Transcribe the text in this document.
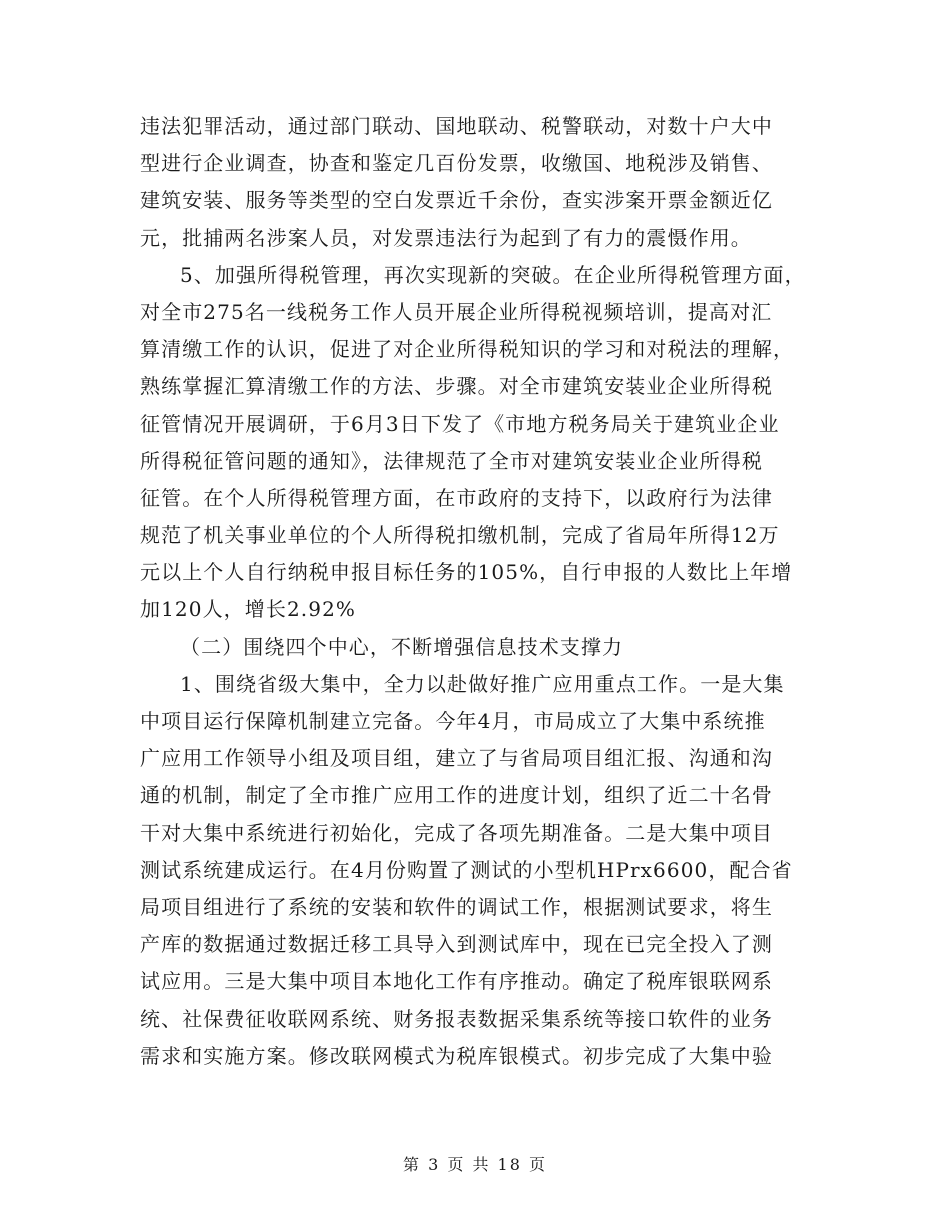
违法犯罪活动，通过部门联动、国地联动、税警联动，对数十户大中
型进行企业调查，协查和鉴定几百份发票，收缴国、地税涉及销售、
建筑安装、服务等类型的空白发票近千余份，查实涉案开票金额近亿
元，批捕两名涉案人员，对发票违法行为起到了有力的震慑作用。
5、加强所得税管理，再次实现新的突破。在企业所得税管理方面，
对全市275名一线税务工作人员开展企业所得税视频培训，提高对汇
算清缴工作的认识，促进了对企业所得税知识的学习和对税法的理解，
熟练掌握汇算清缴工作的方法、步骤。对全市建筑安装业企业所得税
征管情况开展调研，于6月3日下发了《市地方税务局关于建筑业企业
所得税征管问题的通知》，法律规范了全市对建筑安装业企业所得税
征管。在个人所得税管理方面，在市政府的支持下，以政府行为法律
规范了机关事业单位的个人所得税扣缴机制，完成了省局年所得12万
元以上个人自行纳税申报目标任务的105%，自行申报的人数比上年增
加120人，增长2.92%
（二）围绕四个中心，不断增强信息技术支撑力
1、围绕省级大集中，全力以赴做好推广应用重点工作。一是大集
中项目运行保障机制建立完备。今年4月，市局成立了大集中系统推
广应用工作领导小组及项目组，建立了与省局项目组汇报、沟通和沟
通的机制，制定了全市推广应用工作的进度计划，组织了近二十名骨
干对大集中系统进行初始化，完成了各项先期准备。二是大集中项目
测试系统建成运行。在4月份购置了测试的小型机HPrx6600，配合省
局项目组进行了系统的安装和软件的调试工作，根据测试要求，将生
产库的数据通过数据迁移工具导入到测试库中，现在已完全投入了测
试应用。三是大集中项目本地化工作有序推动。确定了税库银联网系
统、社保费征收联网系统、财务报表数据采集系统等接口软件的业务
需求和实施方案。修改联网模式为税库银模式。初步完成了大集中验
第 3 页 共 18 页
